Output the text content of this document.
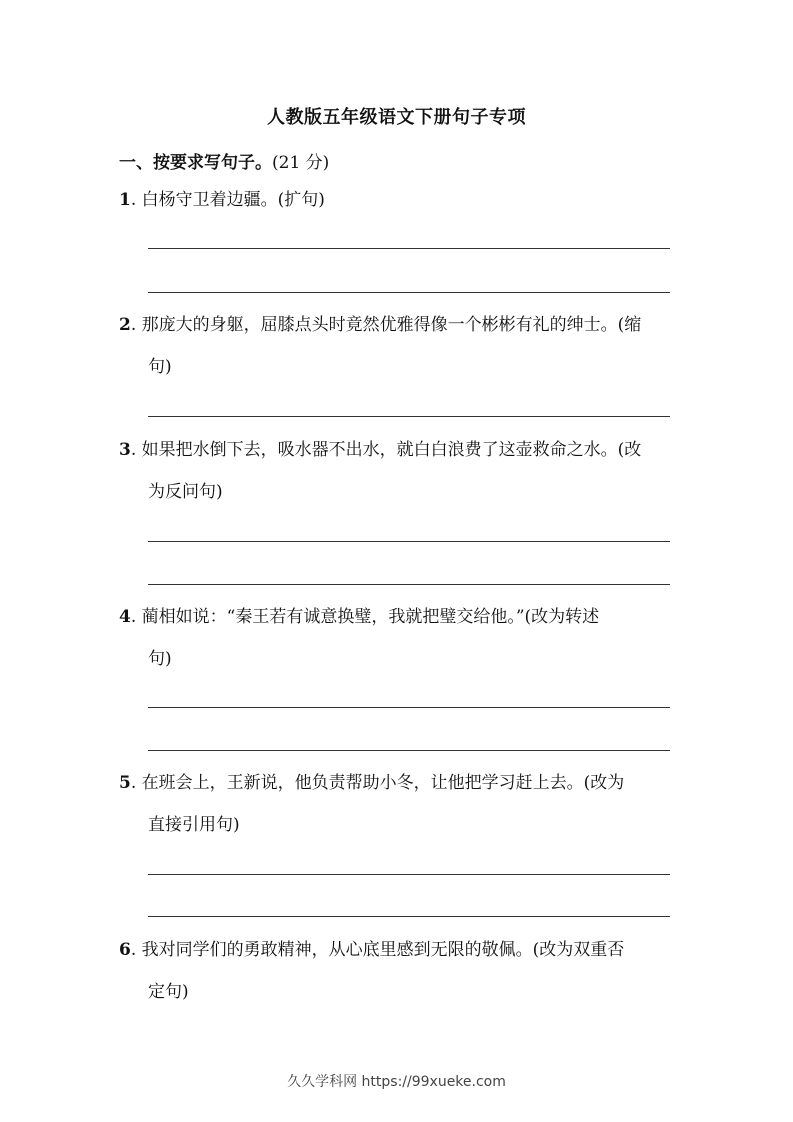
人教版五年级语文下册句子专项
一、按要求写句子。(21 分)
1. 白杨守卫着边疆。(扩句)
2. 那庞大的身躯，屈膝点头时竟然优雅得像一个彬彬有礼的绅士。(缩
句)
3. 如果把水倒下去，吸水器不出水，就白白浪费了这壶救命之水。(改
为反问句)
4. 蔺相如说：“秦王若有诚意换璧，我就把璧交给他。”(改为转述
句)
5. 在班会上，王新说，他负责帮助小冬，让他把学习赶上去。(改为
直接引用句)
6. 我对同学们的勇敢精神，从心底里感到无限的敬佩。(改为双重否
定句)
久久学科网 https://99xueke.com
